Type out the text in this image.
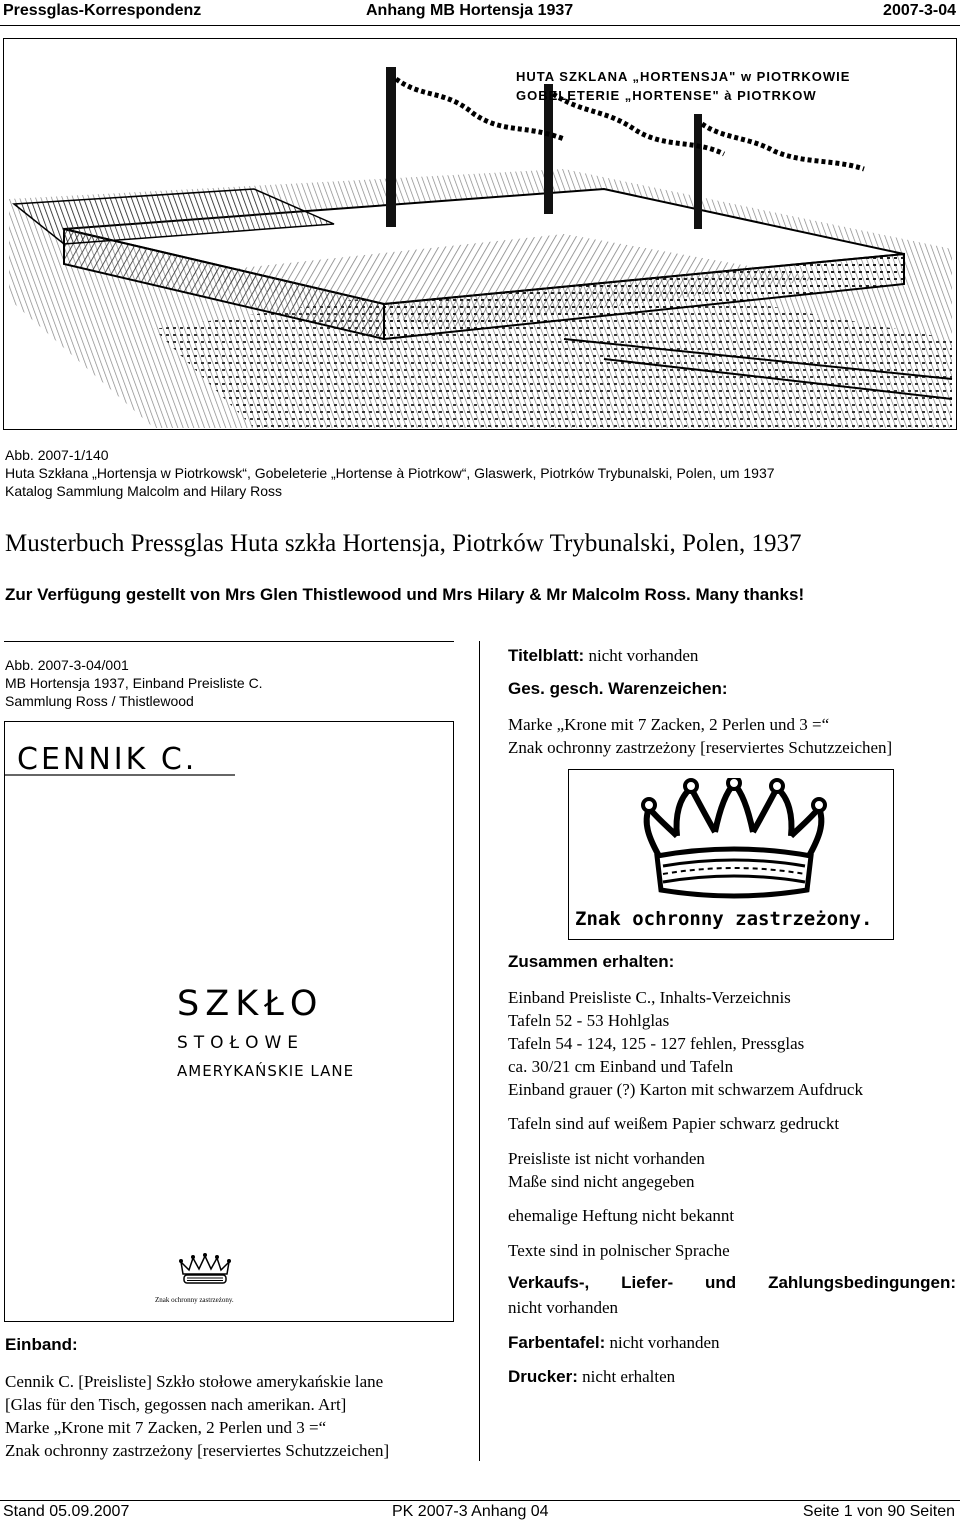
Pressglas-Korrespondenz	Anhang MB Hortensja 1937	2007-3-04
HUTA SZKLANA „HORTENSJA" w PIOTRKOWIE
GOBELETERIE „HORTENSE" à PIOTRKOW
Abb. 2007-1/140
Huta Szkłana „Hortensja w Piotrkowsk“, Gobeleterie „Hortense à Piotrkow“, Glaswerk, Piotrków Trybunalski, Polen, um 1937
Katalog Sammlung Malcolm and Hilary Ross
Musterbuch Pressglas Huta szkła Hortensja, Piotrków Trybunalski, Polen, 1937
Zur Verfügung gestellt von Mrs Glen Thistlewood und Mrs Hilary & Mr Malcolm Ross. Many thanks!
Abb. 2007-3-04/001
MB Hortensja 1937, Einband Preisliste C.
Sammlung Ross / Thistlewood
CENNIK C.
SZKŁO
STOŁOWE
AMERYKAŃSKIE LANE
Znak ochronny zastrzeżony.
Einband:
Cennik C. [Preisliste] Szkło stołowe amerykańskie lane
[Glas für den Tisch, gegossen nach amerikan. Art]
Marke „Krone mit 7 Zacken, 2 Perlen und 3 =“
Znak ochronny zastrzeżony [reserviertes Schutzzeichen]
Titelblatt: nicht vorhanden
Ges. gesch. Warenzeichen:
Marke „Krone mit 7 Zacken, 2 Perlen und 3 =“
Znak ochronny zastrzeżony [reserviertes Schutzzeichen]
Znak ochronny zastrzeżony.
Zusammen erhalten:
Einband Preisliste C., Inhalts-Verzeichnis
Tafeln 52 - 53 Hohlglas
Tafeln 54 - 124, 125 - 127 fehlen, Pressglas
ca. 30/21 cm Einband und Tafeln
Einband grauer (?) Karton mit schwarzem Aufdruck
Tafeln sind auf weißem Papier schwarz gedruckt
Preisliste ist nicht vorhanden
Maße sind nicht angegeben
ehemalige Heftung nicht bekannt
Texte sind in polnischer Sprache
Verkaufs-, Liefer- und Zahlungsbedingungen:
nicht vorhanden
Farbentafel: nicht vorhanden
Drucker: nicht erhalten
Stand 05.09.2007	PK 2007-3 Anhang 04	Seite 1 von 90 Seiten
